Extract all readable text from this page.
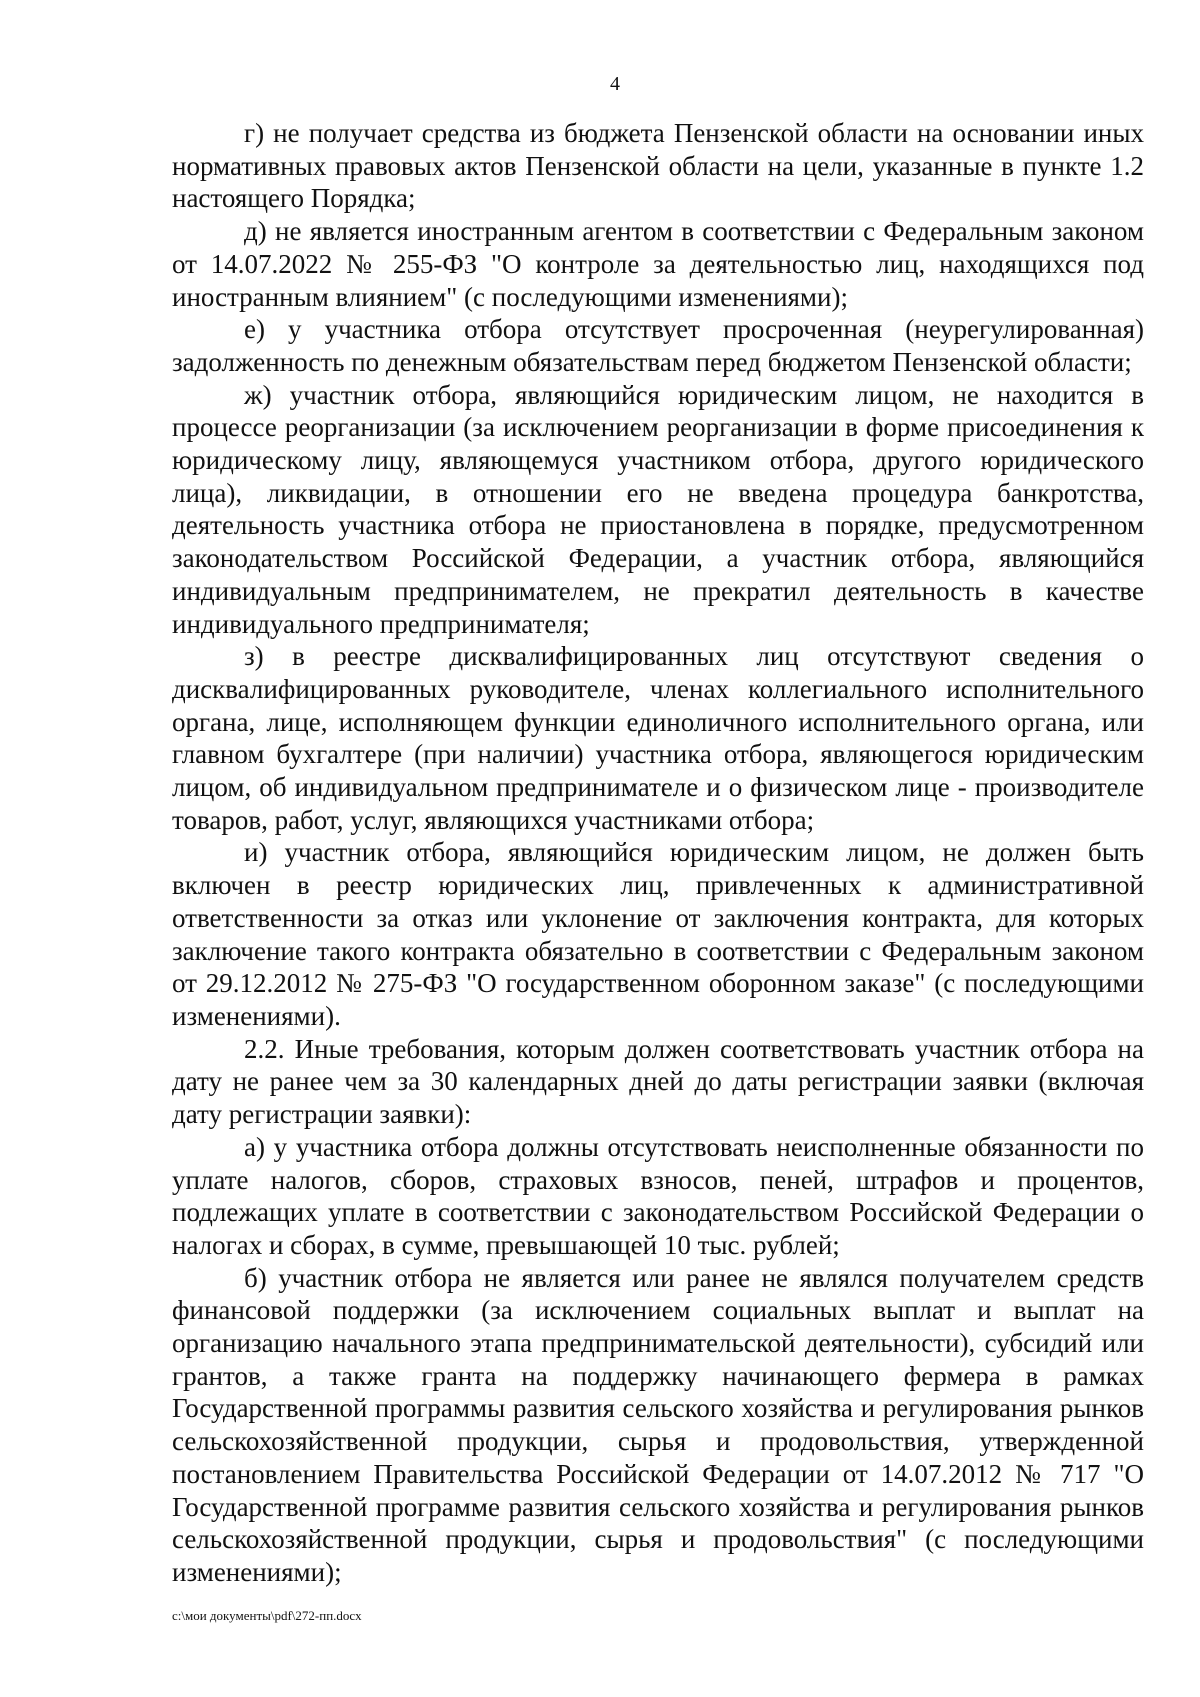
4

г) не получает средства из бюджета Пензенской области на основании иных нормативных правовых актов Пензенской области на цели, указанные в пункте 1.2 настоящего Порядка;

д) не является иностранным агентом в соответствии с Федеральным законом от 14.07.2022 № 255-ФЗ "О контроле за деятельностью лиц, находящихся под иностранным влиянием" (с последующими изменениями);

е) у участника отбора отсутствует просроченная (неурегулированная) задолженность по денежным обязательствам перед бюджетом Пензенской области;

ж) участник отбора, являющийся юридическим лицом, не находится в процессе реорганизации (за исключением реорганизации в форме присоединения к юридическому лицу, являющемуся участником отбора, другого юридического лица), ликвидации, в отношении его не введена процедура банкротства, деятельность участника отбора не приостановлена в порядке, предусмотренном законодательством Российской Федерации, а участник отбора, являющийся индивидуальным предпринимателем, не прекратил деятельность в качестве индивидуального предпринимателя;

з) в реестре дисквалифицированных лиц отсутствуют сведения о дисквалифицированных руководителе, членах коллегиального исполнительного органа, лице, исполняющем функции единоличного исполнительного органа, или главном бухгалтере (при наличии) участника отбора, являющегося юридическим лицом, об индивидуальном предпринимателе и о физическом лице - производителе товаров, работ, услуг, являющихся участниками отбора;

и) участник отбора, являющийся юридическим лицом, не должен быть включен в реестр юридических лиц, привлеченных к административной ответственности за отказ или уклонение от заключения контракта, для которых заключение такого контракта обязательно в соответствии с Федеральным законом от 29.12.2012 № 275-ФЗ "О государственном оборонном заказе" (с последующими изменениями).

2.2. Иные требования, которым должен соответствовать участник отбора на дату не ранее чем за 30 календарных дней до даты регистрации заявки (включая дату регистрации заявки):

а) у участника отбора должны отсутствовать неисполненные обязанности по уплате налогов, сборов, страховых взносов, пеней, штрафов и процентов, подлежащих уплате в соответствии с законодательством Российской Федерации о налогах и сборах, в сумме, превышающей 10 тыс. рублей;

б) участник отбора не является или ранее не являлся получателем средств финансовой поддержки (за исключением социальных выплат и выплат на организацию начального этапа предпринимательской деятельности), субсидий или грантов, а также гранта на поддержку начинающего фермера в рамках Государственной программы развития сельского хозяйства и регулирования рынков сельскохозяйственной продукции, сырья и продовольствия, утвержденной постановлением Правительства Российской Федерации от 14.07.2012 № 717 "О Государственной программе развития сельского хозяйства и регулирования рынков сельскохозяйственной продукции, сырья и продовольствия" (с последующими изменениями);

c:\мои документы\pdf\272-пп.docx
